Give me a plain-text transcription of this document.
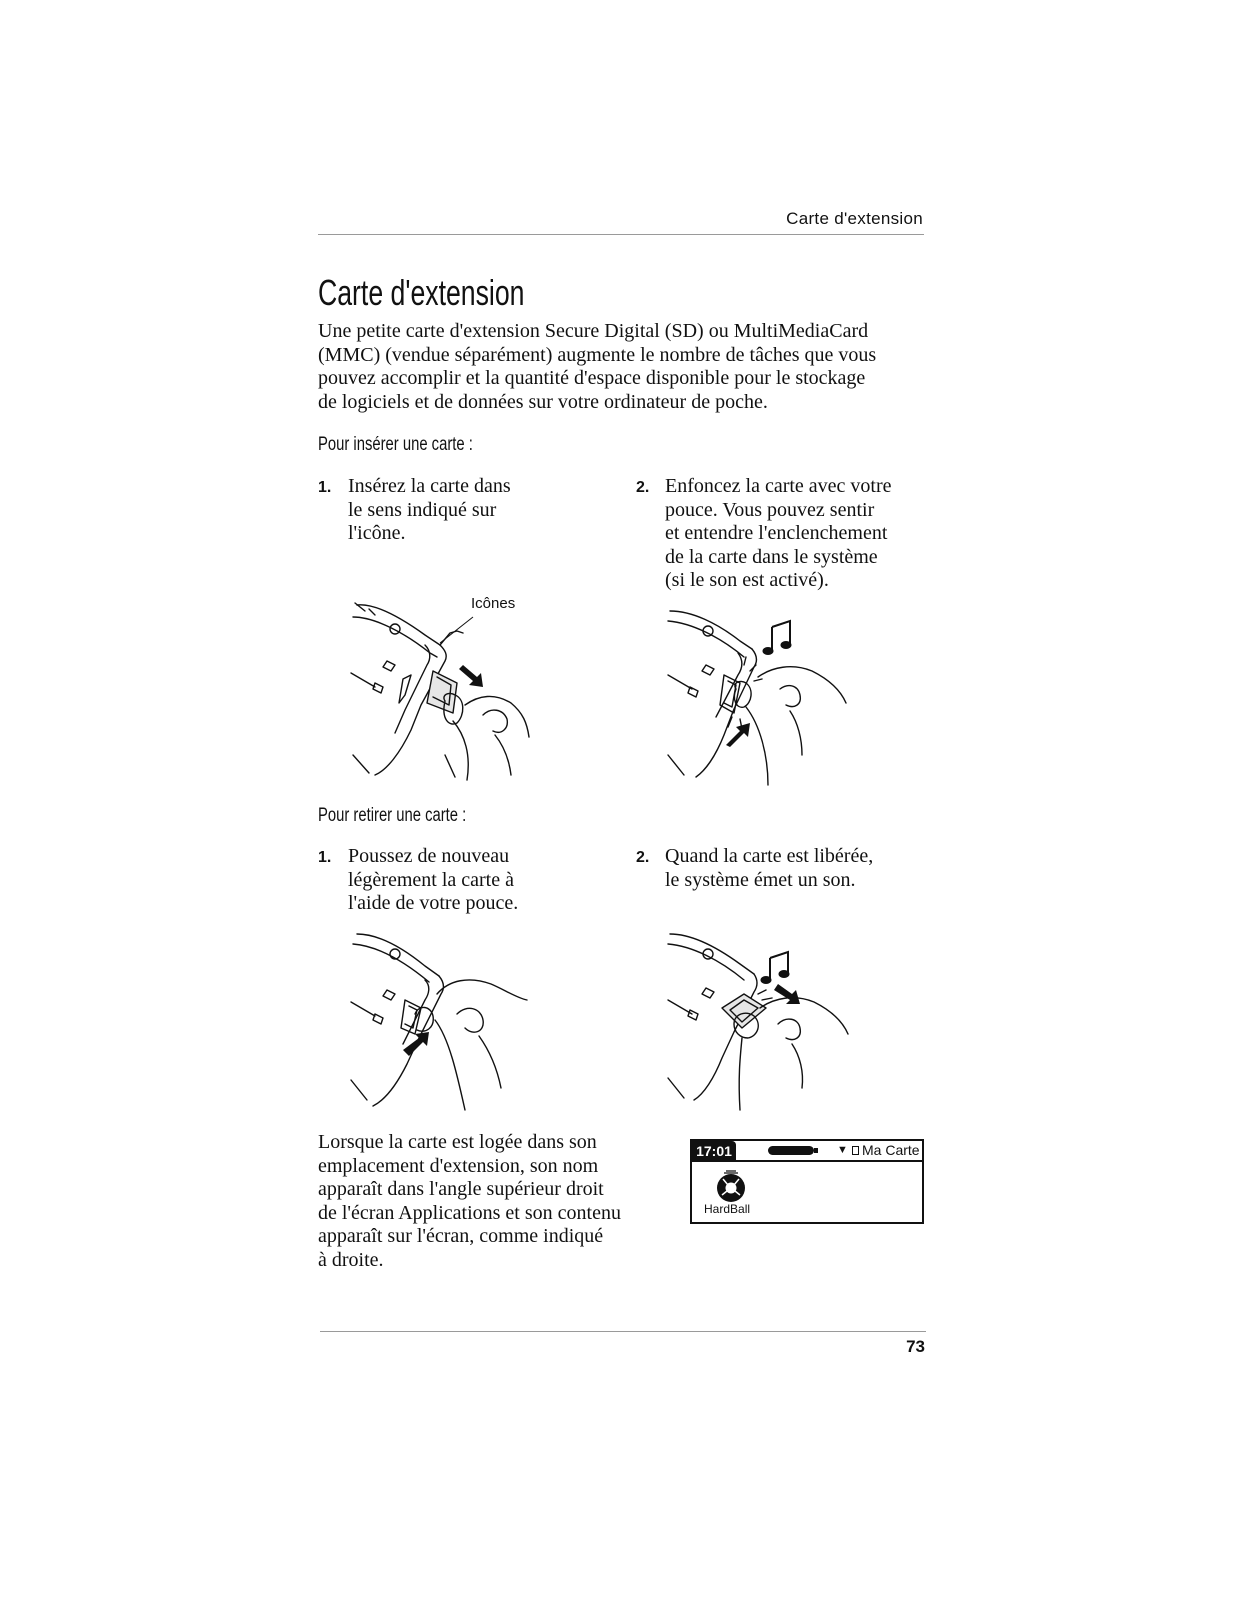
Carte d'extension
Carte d'extension
Une petite carte d'extension Secure Digital (SD) ou MultiMediaCard
(MMC) (vendue séparément) augmente le nombre de tâches que vous
pouvez accomplir et la quantité d'espace disponible pour le stockage
de logiciels et de données sur votre ordinateur de poche.
Pour insérer une carte :
1. Insérez la carte dans
le sens indiqué sur
l'icône.
2. Enfoncez la carte avec votre
pouce. Vous pouvez sentir
et entendre l'enclenchement
de la carte dans le système
(si le son est activé).
Icônes
Pour retirer une carte :
1. Poussez de nouveau
légèrement la carte à
l'aide de votre pouce.
2. Quand la carte est libérée,
le système émet un son.
Lorsque la carte est logée dans son
emplacement d'extension, son nom
apparaît dans l'angle supérieur droit
de l'écran Applications et son contenu
apparaît sur l'écran, comme indiqué
à droite.
17:01	▼ Ma Carte
HardBall
73
